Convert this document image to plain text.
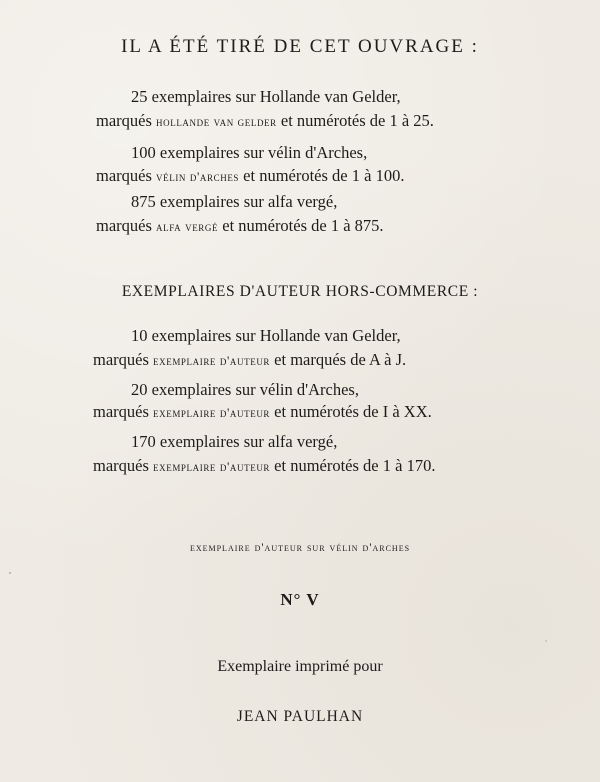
IL A ÉTÉ TIRÉ DE CET OUVRAGE :
25 exemplaires sur Hollande van Gelder,
marqués hollande van gelder et numérotés de 1 à 25.
100 exemplaires sur vélin d'Arches,
marqués vélin d'arches et numérotés de 1 à 100.
875 exemplaires sur alfa vergé,
marqués alfa vergé et numérotés de 1 à 875.
EXEMPLAIRES D'AUTEUR HORS-COMMERCE :
10 exemplaires sur Hollande van Gelder,
marqués exemplaire d'auteur et marqués de A à J.
20 exemplaires sur vélin d'Arches,
marqués exemplaire d'auteur et numérotés de I à XX.
170 exemplaires sur alfa vergé,
marqués exemplaire d'auteur et numérotés de 1 à 170.
exemplaire d'auteur sur vélin d'arches
N° V
Exemplaire imprimé pour
JEAN PAULHAN
